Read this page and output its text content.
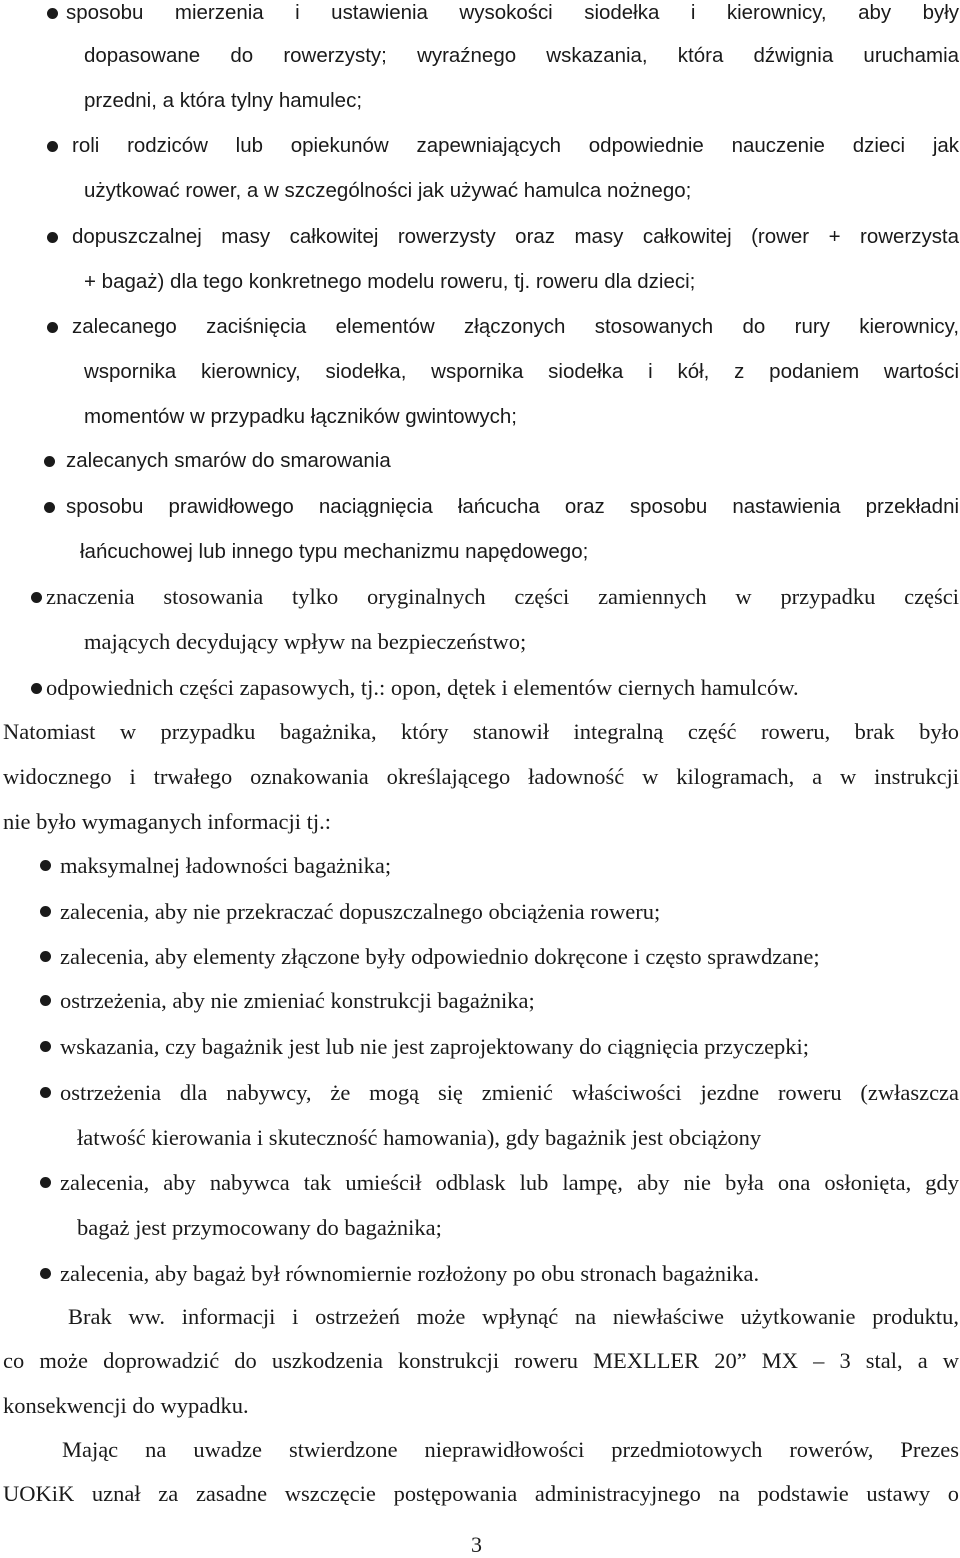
sposobu mierzenia i ustawienia wysokości siodełka i kierownicy, aby były
dopasowane do rowerzysty; wyraźnego wskazania, która dźwignia uruchamia
przedni, a która tylny hamulec;
roli rodziców lub opiekunów zapewniających odpowiednie nauczenie dzieci jak
użytkować rower, a w szczególności jak używać hamulca nożnego;
dopuszczalnej masy całkowitej rowerzysty oraz masy całkowitej (rower + rowerzysta
+ bagaż) dla tego konkretnego modelu roweru, tj. roweru dla dzieci;
zalecanego zaciśnięcia elementów złączonych stosowanych do rury kierownicy,
wspornika kierownicy, siodełka, wspornika siodełka i kół, z podaniem wartości
momentów w przypadku łączników gwintowych;
zalecanych smarów do smarowania
sposobu prawidłowego naciągnięcia łańcucha oraz sposobu nastawienia przekładni
łańcuchowej lub innego typu mechanizmu napędowego;
znaczenia stosowania tylko oryginalnych części zamiennych w przypadku części
mających decydujący wpływ na bezpieczeństwo;
odpowiednich części zapasowych, tj.: opon, dętek i elementów ciernych hamulców.
Natomiast w przypadku bagażnika, który stanowił integralną część roweru, brak było
widocznego i trwałego oznakowania określającego ładowność w kilogramach, a w instrukcji
nie było wymaganych informacji tj.:
maksymalnej ładowności bagażnika;
zalecenia, aby nie przekraczać dopuszczalnego obciążenia roweru;
zalecenia, aby elementy złączone były odpowiednio dokręcone i często sprawdzane;
ostrzeżenia, aby nie zmieniać konstrukcji bagażnika;
wskazania, czy bagażnik jest lub nie jest zaprojektowany do ciągnięcia przyczepki;
ostrzeżenia dla nabywcy, że mogą się zmienić właściwości jezdne roweru (zwłaszcza
łatwość kierowania i skuteczność hamowania), gdy bagażnik jest obciążony
zalecenia, aby nabywca tak umieścił odblask lub lampę, aby nie była ona osłonięta, gdy
bagaż jest przymocowany do bagażnika;
zalecenia, aby bagaż był równomiernie rozłożony po obu stronach bagażnika.
Brak ww. informacji i ostrzeżeń może wpłynąć na niewłaściwe użytkowanie produktu,
co może doprowadzić do uszkodzenia konstrukcji roweru MEXLLER 20” MX – 3 stal, a w
konsekwencji do wypadku.
Mając na uwadze stwierdzone nieprawidłowości przedmiotowych rowerów, Prezes
UOKiK uznał za zasadne wszczęcie postępowania administracyjnego na podstawie ustawy o
3
